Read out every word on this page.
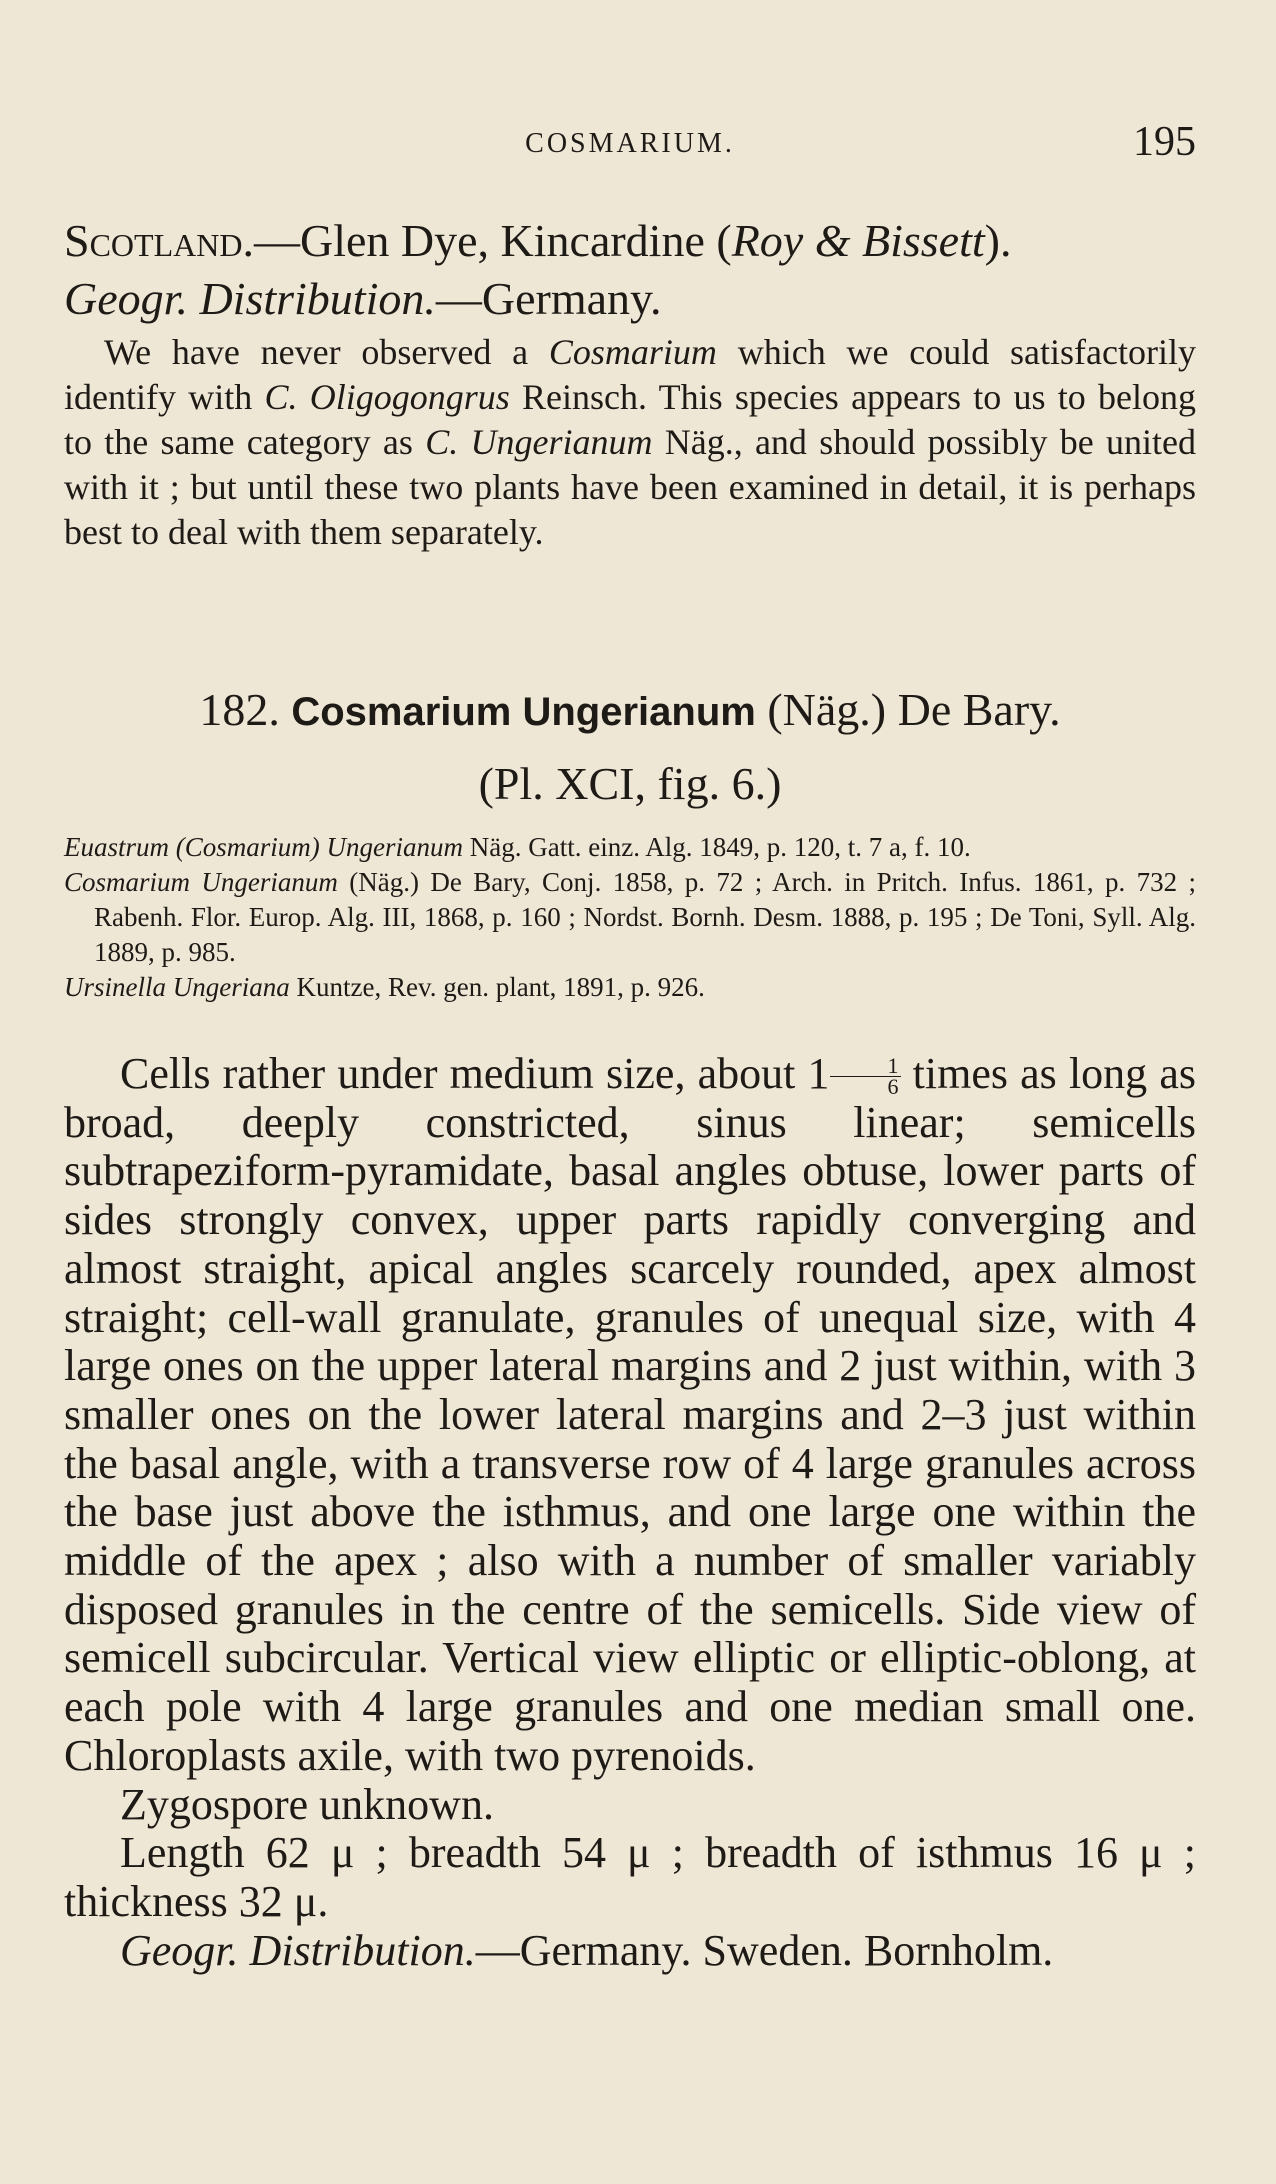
COSMARIUM.	195

Scotland.—Glen Dye, Kincardine (Roy & Bissett).

Geogr. Distribution.—Germany.

We have never observed a Cosmarium which we could satisfactorily identify with C. Oligogongrus Reinsch. This species appears to us to belong to the same category as C. Ungerianum Näg., and should possibly be united with it ; but until these two plants have been examined in detail, it is perhaps best to deal with them separately.

182. Cosmarium Ungerianum (Näg.) De Bary.
(Pl. XCI, fig. 6.)

Euastrum (Cosmarium) Ungerianum Näg. Gatt. einz. Alg. 1849, p. 120, t. 7 a, f. 10.

Cosmarium Ungerianum (Näg.) De Bary, Conj. 1858, p. 72 ; Arch. in Pritch. Infus. 1861, p. 732 ; Rabenh. Flor. Europ. Alg. III, 1868, p. 160 ; Nordst. Bornh. Desm. 1888, p. 195 ; De Toni, Syll. Alg. 1889, p. 985.

Ursinella Ungeriana Kuntze, Rev. gen. plant, 1891, p. 926.

Cells rather under medium size, about $1 \frac{1}{6}$ times as long as broad, deeply constricted, sinus linear; semicells subtrapeziform-pyramidate, basal angles obtuse, lower parts of sides strongly convex, upper parts rapidly converging and almost straight, apical angles scarcely rounded, apex almost straight; cell-wall granulate, granules of unequal size, with 4 large ones on the upper lateral margins and 2 just within, with 3 smaller ones on the lower lateral margins and 2–3 just within the basal angle, with a transverse row of 4 large granules across the base just above the isthmus, and one large one within the middle of the apex ; also with a number of smaller variably disposed granules in the centre of the semicells. Side view of semicell subcircular. Vertical view elliptic or elliptic-oblong, at each pole with 4 large granules and one median small one. Chloroplasts axile, with two pyrenoids.

Zygospore unknown.

Length 62 μ ; breadth 54 μ ; breadth of isthmus 16 μ ; thickness 32 μ.

Geogr. Distribution.—Germany. Sweden. Bornholm.
